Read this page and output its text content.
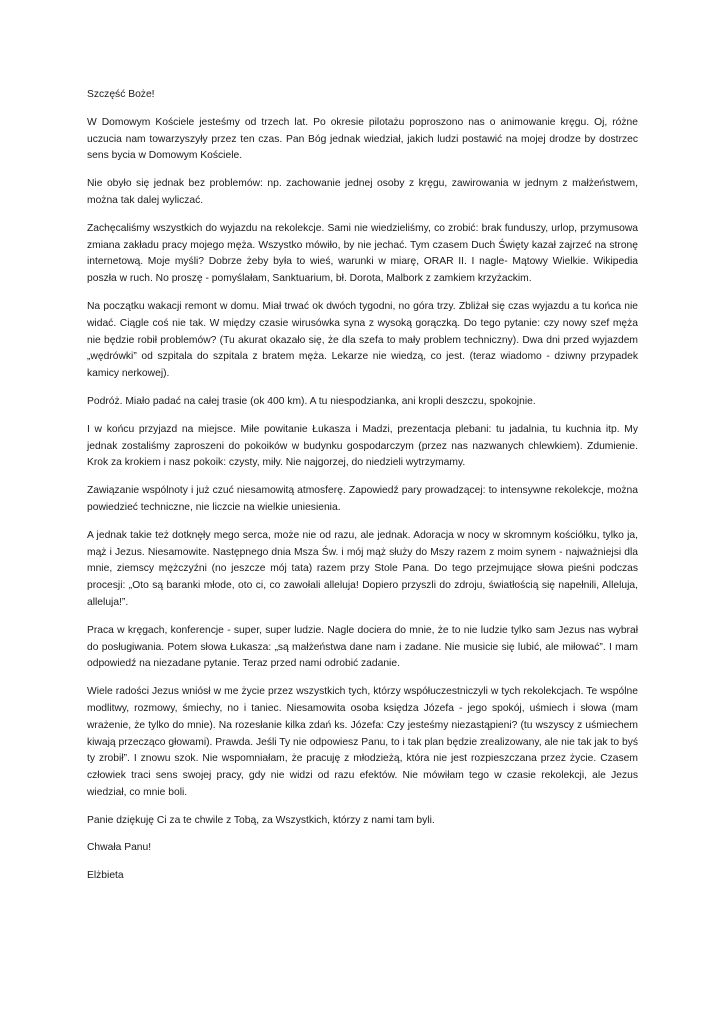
Szczęść Boże!

W Domowym Kościele jesteśmy od trzech lat. Po okresie pilotażu poproszono nas o animowanie kręgu. Oj, różne uczucia nam towarzyszyły przez ten czas. Pan Bóg jednak wiedział, jakich ludzi postawić na mojej drodze by dostrzec sens bycia w Domowym Kościele.

Nie obyło się jednak bez problemów: np. zachowanie jednej osoby z kręgu, zawirowania w jednym z małżeństwem, można tak dalej wyliczać.

Zachęcaliśmy wszystkich do wyjazdu na rekolekcje. Sami nie wiedzieliśmy, co zrobić: brak funduszy, urlop, przymusowa zmiana zakładu pracy mojego męża. Wszystko mówiło, by nie jechać. Tym czasem Duch Święty kazał zajrzeć na stronę internetową. Moje myśli? Dobrze żeby była to wieś, warunki w miarę, ORAR II. I nagle- Mątowy Wielkie. Wikipedia poszła w ruch. No proszę - pomyślałam, Sanktuarium, bł. Dorota, Malbork z zamkiem krzyżackim.

Na początku wakacji remont w domu. Miał trwać ok dwóch tygodni, no góra trzy. Zbliżał się czas wyjazdu a tu końca nie widać. Ciągle coś nie tak. W między czasie wirusówka syna z wysoką gorączką. Do tego pytanie: czy nowy szef męża nie będzie robił problemów? (Tu akurat okazało się, że dla szefa to mały problem techniczny). Dwa dni przed wyjazdem „wędrówki” od szpitala do szpitala z bratem męża. Lekarze nie wiedzą, co jest. (teraz wiadomo - dziwny przypadek kamicy nerkowej).

Podróż. Miało padać na całej trasie (ok 400 km). A tu niespodzianka, ani kropli deszczu, spokojnie.

I w końcu przyjazd na miejsce. Miłe powitanie Łukasza i Madzi, prezentacja plebani: tu jadalnia, tu kuchnia itp. My jednak zostaliśmy zaproszeni do pokoików w budynku gospodarczym (przez nas nazwanych chlewkiem). Zdumienie. Krok za krokiem i nasz pokoik: czysty, miły. Nie najgorzej, do niedzieli wytrzymamy.

Zawiązanie wspólnoty i już czuć niesamowitą atmosferę. Zapowiedź pary prowadzącej: to intensywne rekolekcje, można powiedzieć techniczne, nie liczcie na wielkie uniesienia.

A jednak takie też dotknęły mego serca, może nie od razu, ale jednak. Adoracja w nocy w skromnym kościółku, tylko ja, mąż i Jezus. Niesamowite. Następnego dnia Msza Św. i mój mąż służy do Mszy razem z moim synem - najważniejsi dla mnie, ziemscy mężczyźni (no jeszcze mój tata) razem przy Stole Pana. Do tego przejmujące słowa pieśni podczas procesji: „Oto są baranki młode, oto ci, co zawołali alleluja! Dopiero przyszli do zdroju, światłością się napełnili, Alleluja, alleluja!”.

Praca w kręgach, konferencje - super, super ludzie. Nagle dociera do mnie, że to nie ludzie tylko sam Jezus nas wybrał do posługiwania. Potem słowa Łukasza: „są małżeństwa dane nam i zadane. Nie musicie się lubić, ale miłować”. I mam odpowiedź na niezadane pytanie. Teraz przed nami odrobić zadanie.

Wiele radości Jezus wniósł w me życie przez wszystkich tych, którzy współuczestniczyli w tych rekolekcjach. Te wspólne modlitwy, rozmowy, śmiechy, no i taniec. Niesamowita osoba księdza Józefa - jego spokój, uśmiech i słowa (mam wrażenie, że tylko do mnie). Na rozesłanie kilka zdań ks. Józefa: Czy jesteśmy niezastąpieni? (tu wszyscy z uśmiechem kiwają przecząco głowami). Prawda. Jeśli Ty nie odpowiesz Panu, to i tak plan będzie zrealizowany, ale nie tak jak to byś ty zrobił”. I znowu szok. Nie wspomniałam, że pracuję z młodzieżą, która nie jest rozpieszczana przez życie. Czasem człowiek traci sens swojej pracy, gdy nie widzi od razu efektów. Nie mówiłam tego w czasie rekolekcji, ale Jezus wiedział, co mnie boli.

Panie dziękuję Ci za te chwile z Tobą, za Wszystkich, którzy z nami tam byli.

Chwała Panu!

Elżbieta
